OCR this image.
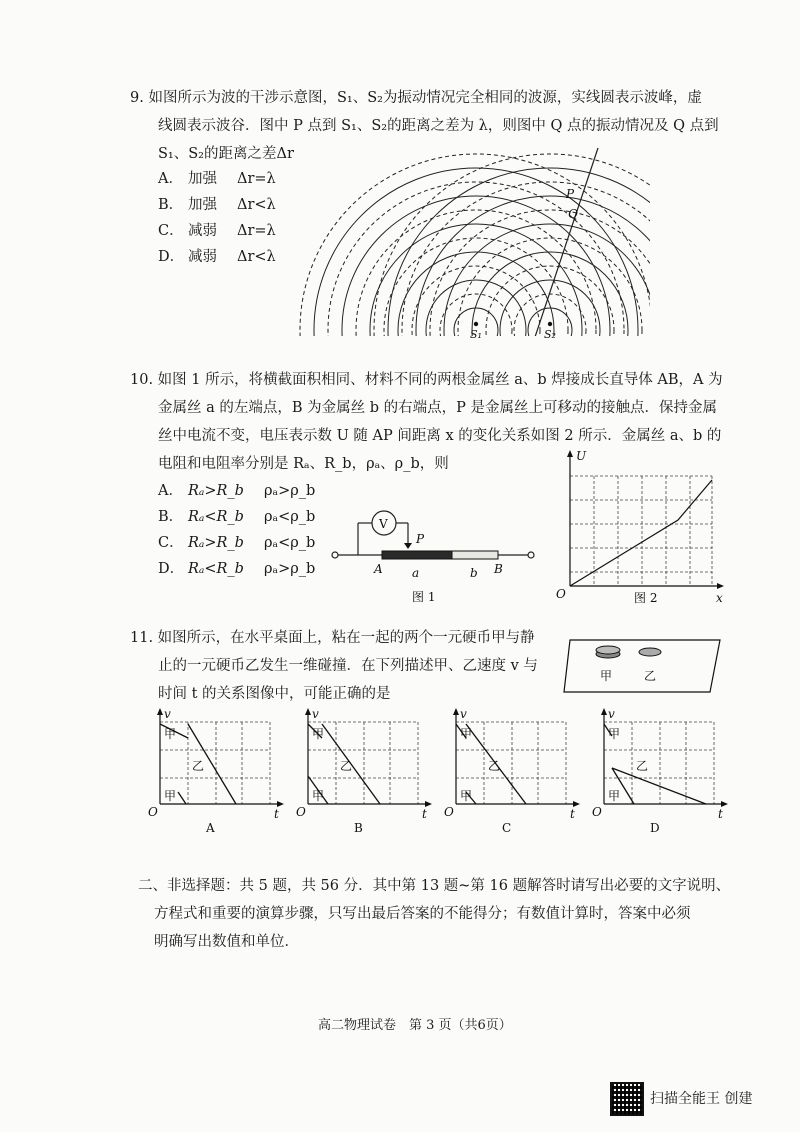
9. 如图所示为波的干涉示意图，S₁、S₂为振动情况完全相同的波源，实线圆表示波峰，虚
线圆表示波谷．图中 P 点到 S₁、S₂的距离之差为 λ，则图中 Q 点的振动情况及 Q 点到
S₁、S₂的距离之差Δr
A． 加强 Δr=λ
B． 加强 Δr<λ
C． 减弱 Δr=λ
D． 减弱 Δr<λ
S₁	S₂
P
Q
10. 如图 1 所示，将横截面积相同、材料不同的两根金属丝 a、b 焊接成长直导体 AB，A 为
金属丝 a 的左端点，B 为金属丝 b 的右端点，P 是金属丝上可移动的接触点．保持金属
丝中电流不变，电压表示数 U 随 AP 间距离 x 的变化关系如图 2 所示．金属丝 a、b 的
电阻和电阻率分别是 Rₐ、R_b，ρₐ、ρ_b，则
A． Rₐ>R_b ρₐ>ρ_b
B． Rₐ<R_b ρₐ<ρ_b
C． Rₐ>R_b ρₐ<ρ_b
D． Rₐ<R_b ρₐ>ρ_b
V
P
A a	b B
图 1
U
x
O	图 2
11. 如图所示，在水平桌面上，粘在一起的两个一元硬币甲与静
止的一元硬币乙发生一维碰撞．在下列描述甲、乙速度 v 与
时间 t 的关系图像中，可能正确的是
甲	乙
v
t
O
甲
乙
甲
A
v
t
O
甲
乙
甲
B
v
t
O
甲
乙
甲
C
v
t
O
甲
乙
甲
D
二、非选择题：共 5 题，共 56 分．其中第 13 题~第 16 题解答时请写出必要的文字说明、
方程式和重要的演算步骤，只写出最后答案的不能得分；有数值计算时，答案中必须
明确写出数值和单位．
高二物理试卷　第 3 页（共6页）
扫描全能王 创建
